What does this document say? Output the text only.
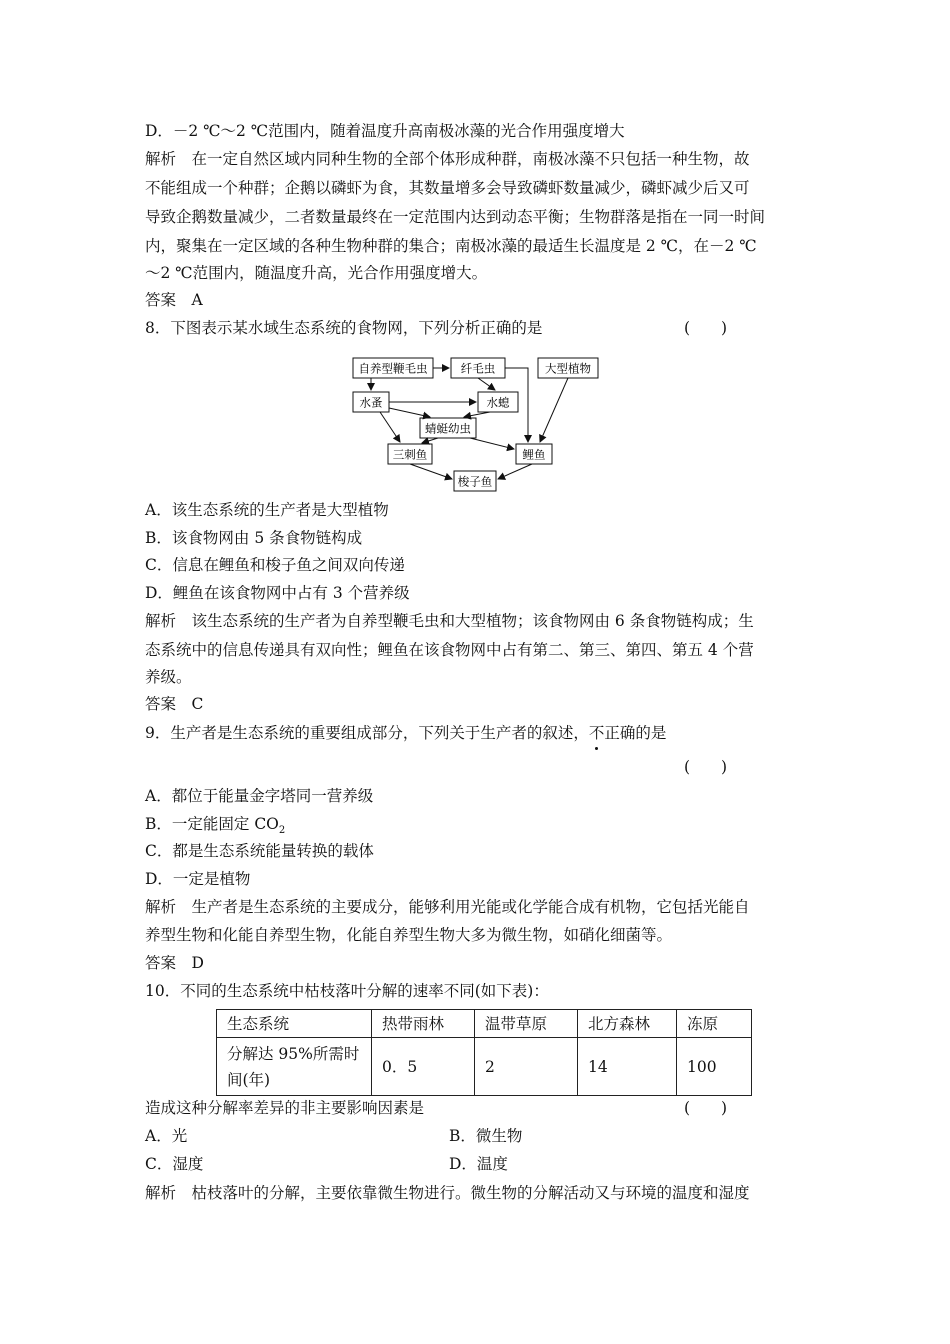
D．－2 ℃～2 ℃范围内，随着温度升高南极冰藻的光合作用强度增大
解析　在一定自然区域内同种生物的全部个体形成种群，南极冰藻不只包括一种生物，故
不能组成一个种群；企鹅以磷虾为食，其数量增多会导致磷虾数量减少，磷虾减少后又可
导致企鹅数量减少，二者数量最终在一定范围内达到动态平衡；生物群落是指在一同一时间
内，聚集在一定区域的各种生物种群的集合；南极冰藻的最适生长温度是 2 ℃，在－2 ℃
～2 ℃范围内，随温度升高，光合作用强度增大。
答案　A
8．下图表示某水域生态系统的食物网，下列分析正确的是	(　　)
自养型鞭毛虫	纤毛虫	大型植物
水蚤	水螅
蜻蜓幼虫
三刺鱼	鲤鱼
梭子鱼
A．该生态系统的生产者是大型植物
B．该食物网由 5 条食物链构成
C．信息在鲤鱼和梭子鱼之间双向传递
D．鲤鱼在该食物网中占有 3 个营养级
解析　该生态系统的生产者为自养型鞭毛虫和大型植物；该食物网由 6 条食物链构成；生
态系统中的信息传递具有双向性；鲤鱼在该食物网中占有第二、第三、第四、第五 4 个营
养级。
答案　C
9．生产者是生态系统的重要组成部分，下列关于生产者的叙述，不正确的是
(　　)
A．都位于能量金字塔同一营养级
B．一定能固定 $CO_2$
C．都是生态系统能量转换的载体
D．一定是植物
解析　生产者是生态系统的主要成分，能够利用光能或化学能合成有机物，它包括光能自
养型生物和化能自养型生物，化能自养型生物大多为微生物，如硝化细菌等。
答案　D
10．不同的生态系统中枯枝落叶分解的速率不同(如下表)：
生态系统	热带雨林	温带草原	北方森林	冻原

分解达 95%所需时
间(年)	0．5	2	14	100
造成这种分解率差异的非主要影响因素是	(　　)
A．光	B．微生物
C．湿度	D．温度
解析　枯枝落叶的分解，主要依靠微生物进行。微生物的分解活动又与环境的温度和湿度
